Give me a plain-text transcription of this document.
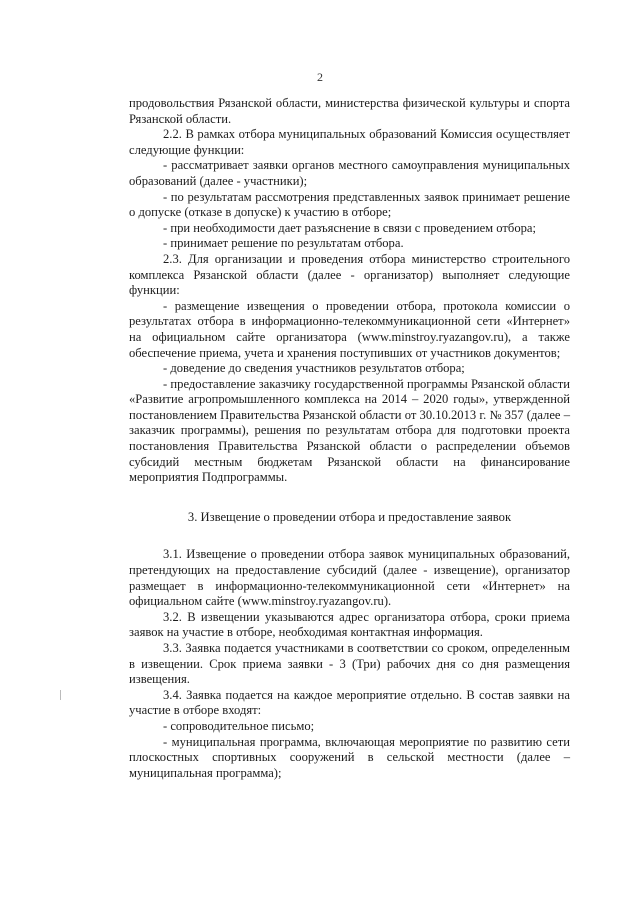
2

продовольствия Рязанской области, министерства физической культуры и спорта Рязанской области.

2.2. В рамках отбора муниципальных образований Комиссия осуществляет следующие функции:

- рассматривает заявки органов местного самоуправления муниципальных образований (далее - участники);

- по результатам рассмотрения представленных заявок принимает решение о допуске (отказе в допуске) к участию в отборе;

- при необходимости дает разъяснение в связи с проведением отбора;

- принимает решение по результатам отбора.

2.3. Для организации и проведения отбора министерство строительного комплекса Рязанской области (далее - организатор) выполняет следующие функции:

- размещение извещения о проведении отбора, протокола комиссии о результатах отбора в информационно-телекоммуникационной сети «Интернет» на официальном сайте организатора (www.minstroy.ryazangov.ru), а также обеспечение приема, учета и хранения поступивших от участников документов;

- доведение до сведения участников результатов отбора;

- предоставление заказчику государственной программы Рязанской области «Развитие агропромышленного комплекса на 2014 – 2020 годы», утвержденной постановлением Правительства Рязанской области от 30.10.2013 г. № 357 (далее – заказчик программы), решения по результатам отбора для подготовки проекта постановления Правительства Рязанской области о распределении объемов субсидий местным бюджетам Рязанской области на финансирование мероприятия Подпрограммы.

3. Извещение о проведении отбора и предоставление заявок

3.1. Извещение о проведении отбора заявок муниципальных образований, претендующих на предоставление субсидий (далее - извещение), организатор размещает в информационно-телекоммуникационной сети «Интернет» на официальном сайте (www.minstroy.ryazangov.ru).

3.2. В извещении указываются адрес организатора отбора, сроки приема заявок на участие в отборе, необходимая контактная информация.

3.3. Заявка подается участниками в соответствии со сроком, определенным в извещении. Срок приема заявки - 3 (Три) рабочих дня со дня размещения извещения.

3.4. Заявка подается на каждое мероприятие отдельно. В состав заявки на участие в отборе входят:

- сопроводительное письмо;

- муниципальная программа, включающая мероприятие по развитию сети плоскостных спортивных сооружений в сельской местности (далее – муниципальная программа);
